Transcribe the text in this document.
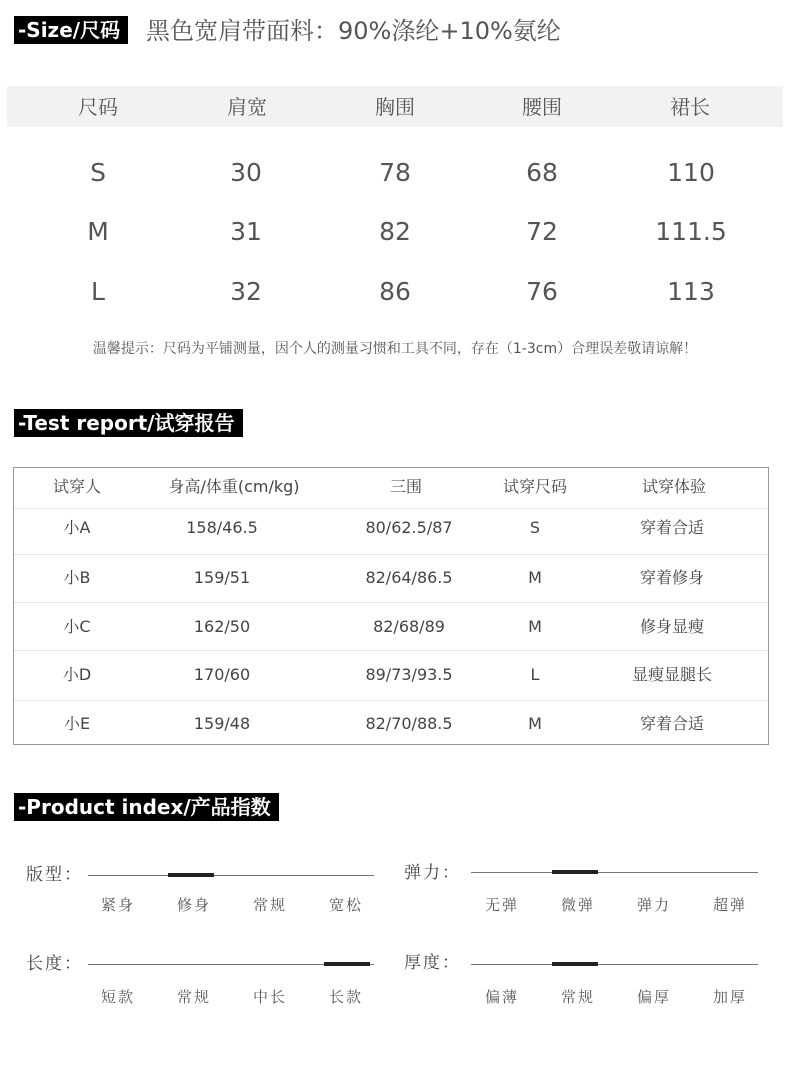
-Size/尺码	黑色宽肩带面料：90%涤纶+10%氨纶
尺码	肩宽	胸围	腰围	裙长
S	30	78	68	110
M	31	82	72	111.5
L	32	86	76	113
温馨提示：尺码为平铺测量，因个人的测量习惯和工具不同，存在（1-3cm）合理误差敬请谅解！
-Test report/试穿报告
试穿人	身高/体重(cm/kg)	三围	试穿尺码	试穿体验
小A	158/46.5	80/62.5/87	S	穿着合适
小B	159/51	82/64/86.5	M	穿着修身
小C	162/50	82/68/89	M	修身显瘦
小D	170/60	89/73/93.5	L	显瘦显腿长
小E	159/48	82/70/88.5	M	穿着合适
-Product index/产品指数
版型：
紧身	修身	常规	宽松
弹力：
无弹	微弹	弹力	超弹
长度：
短款	常规	中长	长款
厚度：
偏薄	常规	偏厚	加厚
